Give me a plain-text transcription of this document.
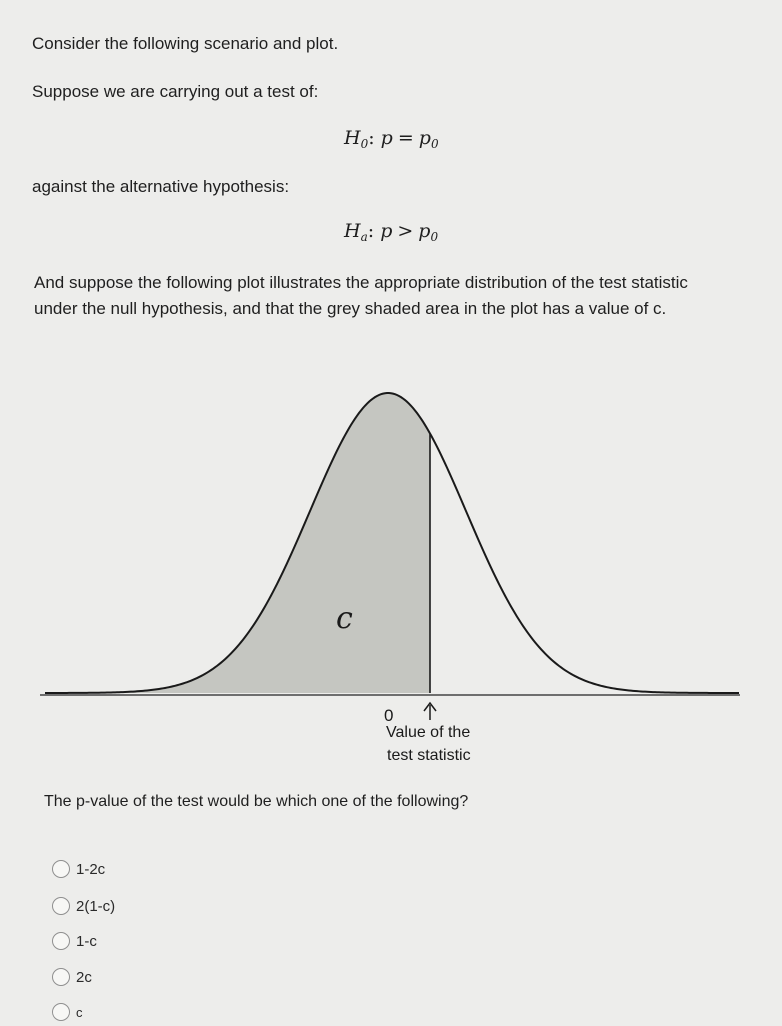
Consider the following scenario and plot.
Suppose we are carrying out a test of:
$H_0$: $p = p_0$
against the alternative hypothesis:
$H_a$: $p > p_0$
And suppose the following plot illustrates the appropriate distribution of the test statistic under the null hypothesis, and that the grey shaded area in the plot has a value of c.
c
0
Value of the
test statistic
The p-value of the test would be which one of the following?
1-2c
2(1-c)
1-c
2c
c
